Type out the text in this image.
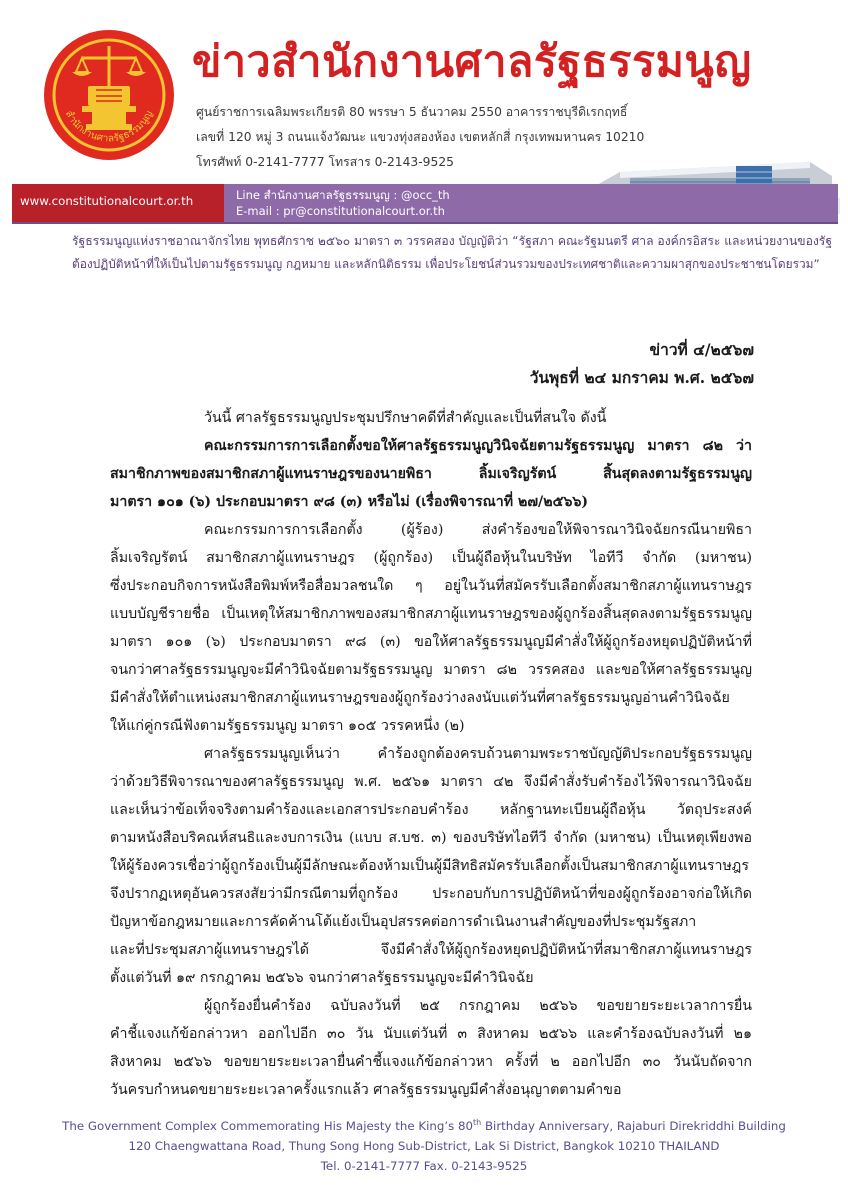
สำนักงานศาลรัฐธรรมนูญ
ข่าวสำนักงานศาลรัฐธรรมนูญ
ศูนย์ราชการเฉลิมพระเกียรติ 80 พรรษา 5 ธันวาคม 2550 อาคารราชบุรีดิเรกฤทธิ์
เลขที่ 120 หมู่ 3 ถนนแจ้งวัฒนะ แขวงทุ่งสองห้อง เขตหลักสี่ กรุงเทพมหานคร 10210
โทรศัพท์ 0-2141-7777 โทรสาร 0-2143-9525
www.constitutionalcourt.or.th	Line สำนักงานศาลรัฐธรรมนูญ : @occ_th
E-mail : pr@constitutionalcourt.or.th
รัฐธรรมนูญแห่งราชอาณาจักรไทย พุทธศักราช ๒๕๖๐ มาตรา ๓ วรรคสอง บัญญัติว่า “รัฐสภา คณะรัฐมนตรี ศาล องค์กรอิสระ และหน่วยงานของรัฐ
ต้องปฏิบัติหน้าที่ให้เป็นไปตามรัฐธรรมนูญ กฎหมาย และหลักนิติธรรม เพื่อประโยชน์ส่วนรวมของประเทศชาติและความผาสุกของประชาชนโดยรวม”
ข่าวที่ ๔/๒๕๖๗
วันพุธที่ ๒๔ มกราคม พ.ศ. ๒๕๖๗
วันนี้ ศาลรัฐธรรมนูญประชุมปรึกษาคดีที่สำคัญและเป็นที่สนใจ ดังนี้
คณะกรรมการการเลือกตั้งขอให้ศาลรัฐธรรมนูญวินิจฉัยตามรัฐธรรมนูญ มาตรา ๘๒ ว่า
สมาชิกภาพของสมาชิกสภาผู้แทนราษฎรของนายพิธา ลิ้มเจริญรัตน์ สิ้นสุดลงตามรัฐธรรมนูญ
มาตรา ๑๐๑ (๖) ประกอบมาตรา ๙๘ (๓) หรือไม่ (เรื่องพิจารณาที่ ๒๗/๒๕๖๖)
คณะกรรมการการเลือกตั้ง (ผู้ร้อง) ส่งคำร้องขอให้พิจารณาวินิจฉัยกรณีนายพิธา
ลิ้มเจริญรัตน์ สมาชิกสภาผู้แทนราษฎร (ผู้ถูกร้อง) เป็นผู้ถือหุ้นในบริษัท ไอทีวี จำกัด (มหาชน)
ซึ่งประกอบกิจการหนังสือพิมพ์หรือสื่อมวลชนใด ๆ อยู่ในวันที่สมัครรับเลือกตั้งสมาชิกสภาผู้แทนราษฎร
แบบบัญชีรายชื่อ เป็นเหตุให้สมาชิกภาพของสมาชิกสภาผู้แทนราษฎรของผู้ถูกร้องสิ้นสุดลงตามรัฐธรรมนูญ
มาตรา ๑๐๑ (๖) ประกอบมาตรา ๙๘ (๓) ขอให้ศาลรัฐธรรมนูญมีคำสั่งให้ผู้ถูกร้องหยุดปฏิบัติหน้าที่
จนกว่าศาลรัฐธรรมนูญจะมีคำวินิจฉัยตามรัฐธรรมนูญ มาตรา ๘๒ วรรคสอง และขอให้ศาลรัฐธรรมนูญ
มีคำสั่งให้ตำแหน่งสมาชิกสภาผู้แทนราษฎรของผู้ถูกร้องว่างลงนับแต่วันที่ศาลรัฐธรรมนูญอ่านคำวินิจฉัย
ให้แก่คู่กรณีฟังตามรัฐธรรมนูญ มาตรา ๑๐๕ วรรคหนึ่ง (๒)
ศาลรัฐธรรมนูญเห็นว่า คำร้องถูกต้องครบถ้วนตามพระราชบัญญัติประกอบรัฐธรรมนูญ
ว่าด้วยวิธีพิจารณาของศาลรัฐธรรมนูญ พ.ศ. ๒๕๖๑ มาตรา ๔๒ จึงมีคำสั่งรับคำร้องไว้พิจารณาวินิจฉัย
และเห็นว่าข้อเท็จจริงตามคำร้องและเอกสารประกอบคำร้อง หลักฐานทะเบียนผู้ถือหุ้น วัตถุประสงค์
ตามหนังสือบริคณห์สนธิและงบการเงิน (แบบ ส.บช. ๓) ของบริษัทไอทีวี จำกัด (มหาชน) เป็นเหตุเพียงพอ
ให้ผู้ร้องควรเชื่อว่าผู้ถูกร้องเป็นผู้มีลักษณะต้องห้ามเป็นผู้มีสิทธิสมัครรับเลือกตั้งเป็นสมาชิกสภาผู้แทนราษฎร
จึงปรากฏเหตุอันควรสงสัยว่ามีกรณีตามที่ถูกร้อง ประกอบกับการปฏิบัติหน้าที่ของผู้ถูกร้องอาจก่อให้เกิด
ปัญหาข้อกฎหมายและการคัดค้านโต้แย้งเป็นอุปสรรคต่อการดำเนินงานสำคัญของที่ประชุมรัฐสภา
และที่ประชุมสภาผู้แทนราษฎรได้ จึงมีคำสั่งให้ผู้ถูกร้องหยุดปฏิบัติหน้าที่สมาชิกสภาผู้แทนราษฎร
ตั้งแต่วันที่ ๑๙ กรกฎาคม ๒๕๖๖ จนกว่าศาลรัฐธรรมนูญจะมีคำวินิจฉัย
ผู้ถูกร้องยื่นคำร้อง ฉบับลงวันที่ ๒๕ กรกฎาคม ๒๕๖๖ ขอขยายระยะเวลาการยื่น
คำชี้แจงแก้ข้อกล่าวหา ออกไปอีก ๓๐ วัน นับแต่วันที่ ๓ สิงหาคม ๒๕๖๖ และคำร้องฉบับลงวันที่ ๒๑
สิงหาคม ๒๕๖๖ ขอขยายระยะเวลายื่นคำชี้แจงแก้ข้อกล่าวหา ครั้งที่ ๒ ออกไปอีก ๓๐ วันนับถัดจาก
วันครบกำหนดขยายระยะเวลาครั้งแรกแล้ว ศาลรัฐธรรมนูญมีคำสั่งอนุญาตตามคำขอ
The Government Complex Commemorating His Majesty the King’s 80th Birthday Anniversary, Rajaburi Direkriddhi Building
120 Chaengwattana Road, Thung Song Hong Sub-District, Lak Si District, Bangkok 10210 THAILAND
Tel. 0-2141-7777 Fax. 0-2143-9525
